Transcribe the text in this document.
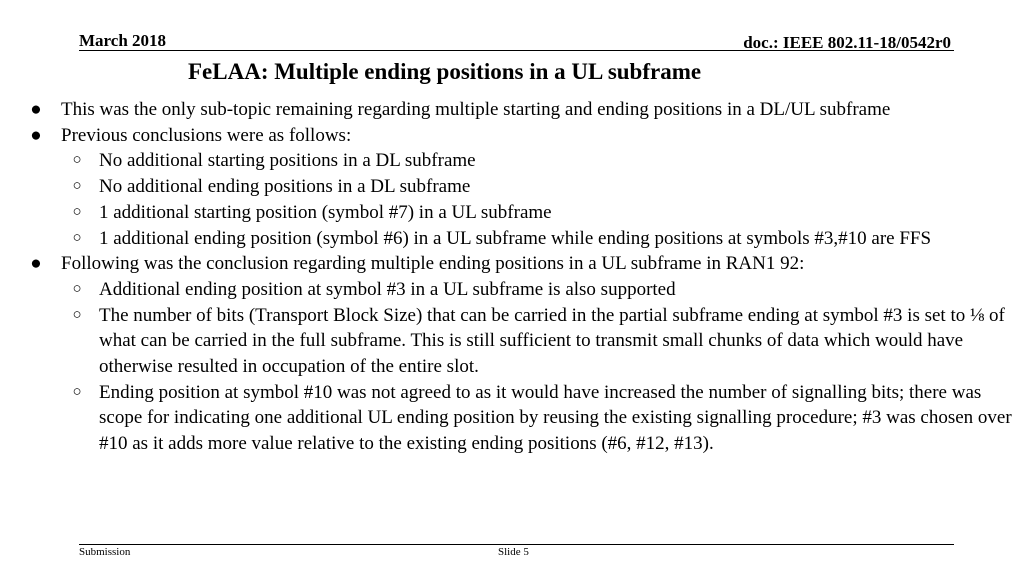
March 2018	doc.: IEEE 802.11-18/0542r0
FeLAA: Multiple ending positions in a UL subframe
● This was the only sub-topic remaining regarding multiple starting and ending positions in a DL/UL subframe
● Previous conclusions were as follows:
○ No additional starting positions in a DL subframe
○ No additional ending positions in a DL subframe
○ 1 additional starting position (symbol #7) in a UL subframe
○ 1 additional ending position (symbol #6) in a UL subframe while ending positions at symbols #3,#10 are FFS
● Following was the conclusion regarding multiple ending positions in a UL subframe in RAN1 92:
○ Additional ending position at symbol #3 in a UL subframe is also supported
○ The number of bits (Transport Block Size) that can be carried in the partial subframe ending at symbol #3 is set to ⅛ of what can be carried in the full subframe. This is still sufficient to transmit small chunks of data which would have otherwise resulted in occupation of the entire slot.
○ Ending position at symbol #10 was not agreed to as it would have increased the number of signalling bits; there was scope for indicating one additional UL ending position by reusing the existing signalling procedure; #3 was chosen over #10 as it adds more value relative to the existing ending positions (#6, #12, #13).
Submission	Slide 5
